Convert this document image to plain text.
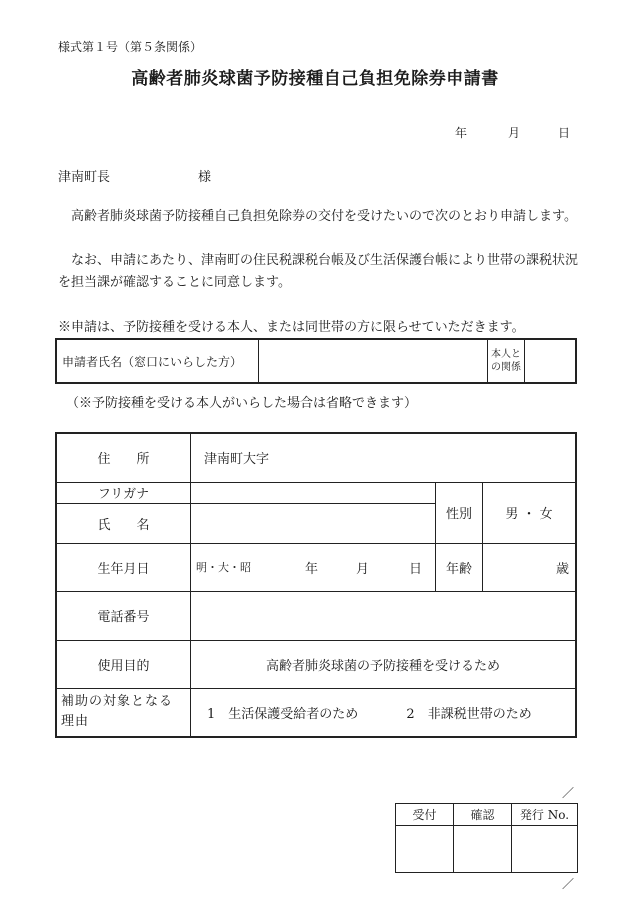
様式第１号（第５条関係）
高齢者肺炎球菌予防接種自己負担免除券申請書
年	月	日
津南町長	様
高齢者肺炎球菌予防接種自己負担免除券の交付を受けたいので次のとおり申請します。
なお、申請にあたり、津南町の住民税課税台帳及び生活保護台帳により世帯の課税状況を担当課が確認することに同意します。
※申請は、予防接種を受ける本人、または同世帯の方に限らせていただきます。
申請者氏名（窓口にいらした方）		本人と
の関係

（※予防接種を受ける本人がいらした場合は省略できます）
住　　所	津南町大字		
フリガナ		性別	男 ・ 女
氏　　名			
生年月日	明・大・昭 年 月 日	年齢	歳
電話番号			
使用目的	高齢者肺炎球菌の予防接種を受けるため		
補助の対象となる理由	1　生活保護受給者のため 2　非課税世帯のため		
／
受付	確認	発行 No.

／
